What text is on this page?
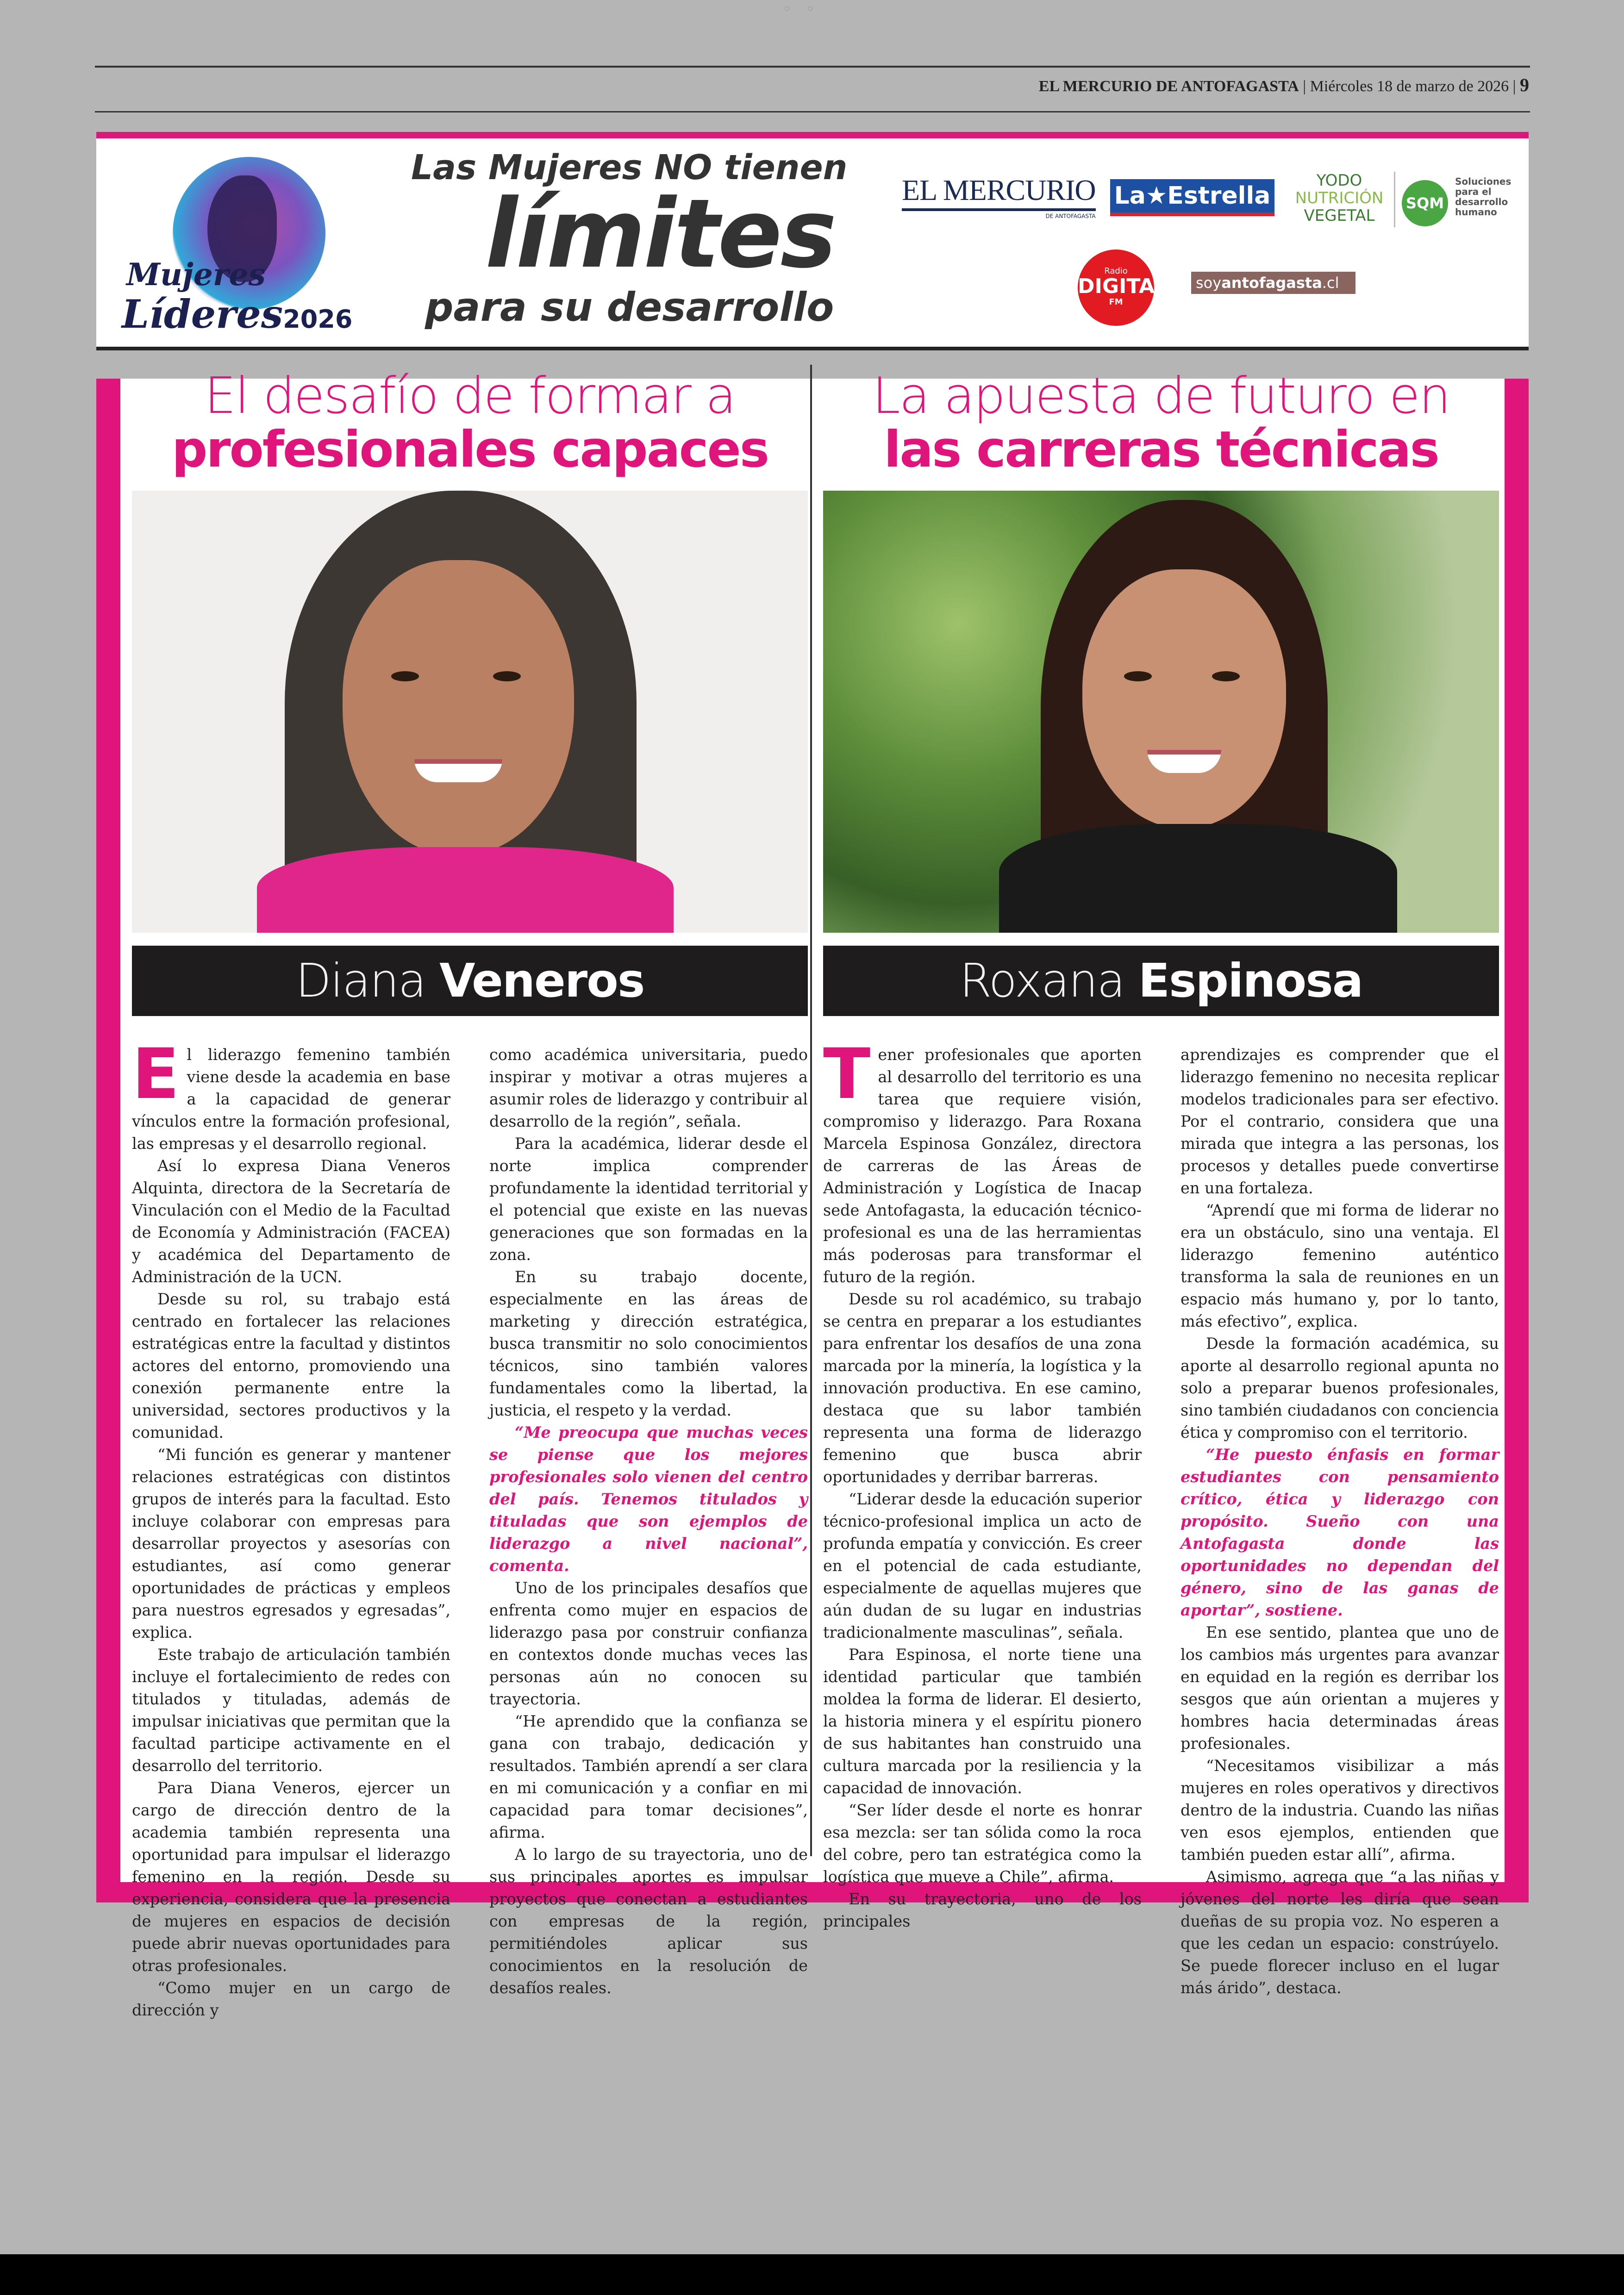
◦◦
EL MERCURIO DE ANTOFAGASTA | Miércoles 18 de marzo de 2026 | 9
Mujeres
Líderes2026
Las Mujeres NO tienen
límites
para su desarrollo
EL MERCURIO
DE ANTOFAGASTA
La★Estrella
YODO
NUTRICIÓN
VEGETAL
SQM
Soluciones para el desarrollo humano
Radio
DIGITAL
FM
soyantofagasta.cl
El desafío de formar a
profesionales capaces
Diana Veneros

El liderazgo femenino también viene desde la academia en base a la capacidad de generar vínculos entre la formación profesional, las empresas y el desarrollo regional.

Así lo expresa Diana Veneros Alquinta, directora de la Secretaría de Vinculación con el Medio de la Facultad de Economía y Administración (FACEA) y académica del Departamento de Administración de la UCN.

Desde su rol, su trabajo está centrado en fortalecer las relaciones estratégicas entre la facultad y distintos actores del entorno, promoviendo una conexión permanente entre la universidad, sectores productivos y la comunidad.

“Mi función es generar y mantener relaciones estratégicas con distintos grupos de interés para la facultad. Esto incluye colaborar con empresas para desarrollar proyectos y asesorías con estudiantes, así como generar oportunidades de prácticas y empleos para nuestros egresados y egresadas”, explica.

Este trabajo de articulación también incluye el fortalecimiento de redes con titulados y tituladas, además de impulsar iniciativas que permitan que la facultad participe activamente en el desarrollo del territorio.

Para Diana Veneros, ejercer un cargo de dirección dentro de la academia también representa una oportunidad para impulsar el liderazgo femenino en la región. Desde su experiencia, considera que la presencia de mujeres en espacios de decisión puede abrir nuevas oportunidades para otras profesionales.

“Como mujer en un cargo de dirección y

como académica universitaria, puedo inspirar y motivar a otras mujeres a asumir roles de liderazgo y contribuir al desarrollo de la región”, señala.

Para la académica, liderar desde el norte implica comprender profundamente la identidad territorial y el potencial que existe en las nuevas generaciones que son formadas en la zona.

En su trabajo docente, especialmente en las áreas de marketing y dirección estratégica, busca transmitir no solo conocimientos técnicos, sino también valores fundamentales como la libertad, la justicia, el respeto y la verdad.

“Me preocupa que muchas veces se piense que los mejores profesionales solo vienen del centro del país. Tenemos titulados y tituladas que son ejemplos de liderazgo a nivel nacional”, comenta.

Uno de los principales desafíos que enfrenta como mujer en espacios de liderazgo pasa por construir confianza en contextos donde muchas veces las personas aún no conocen su trayectoria.

“He aprendido que la confianza se gana con trabajo, dedicación y resultados. También aprendí a ser clara en mi comunicación y a confiar en mi capacidad para tomar decisiones”, afirma.

A lo largo de su trayectoria, uno de sus principales aportes es impulsar proyectos que conectan a estudiantes con empresas de la región, permitiéndoles aplicar sus conocimientos en la resolución de desafíos reales.

La apuesta de futuro en
las carreras técnicas
Roxana Espinosa

Tener profesionales que aporten al desarrollo del territorio es una tarea que requiere visión, compromiso y liderazgo. Para Roxana Marcela Espinosa González, directora de carreras de las Áreas de Administración y Logística de Inacap sede Antofagasta, la educación técnico-profesional es una de las herramientas más poderosas para transformar el futuro de la región.

Desde su rol académico, su trabajo se centra en preparar a los estudiantes para enfrentar los desafíos de una zona marcada por la minería, la logística y la innovación productiva. En ese camino, destaca que su labor también representa una forma de liderazgo femenino que busca abrir oportunidades y derribar barreras.

“Liderar desde la educación superior técnico-profesional implica un acto de profunda empatía y convicción. Es creer en el potencial de cada estudiante, especialmente de aquellas mujeres que aún dudan de su lugar en industrias tradicionalmente masculinas”, señala.

Para Espinosa, el norte tiene una identidad particular que también moldea la forma de liderar. El desierto, la historia minera y el espíritu pionero de sus habitantes han construido una cultura marcada por la resiliencia y la capacidad de innovación.

“Ser líder desde el norte es honrar esa mezcla: ser tan sólida como la roca del cobre, pero tan estratégica como la logística que mueve a Chile”, afirma.

En su trayectoria, uno de los principales

aprendizajes es comprender que el liderazgo femenino no necesita replicar modelos tradicionales para ser efectivo. Por el contrario, considera que una mirada que integra a las personas, los procesos y detalles puede convertirse en una fortaleza.

“Aprendí que mi forma de liderar no era un obstáculo, sino una ventaja. El liderazgo femenino auténtico transforma la sala de reuniones en un espacio más humano y, por lo tanto, más efectivo”, explica.

Desde la formación académica, su aporte al desarrollo regional apunta no solo a preparar buenos profesionales, sino también ciudadanos con conciencia ética y compromiso con el territorio.

“He puesto énfasis en formar estudiantes con pensamiento crítico, ética y liderazgo con propósito. Sueño con una Antofagasta donde las oportunidades no dependan del género, sino de las ganas de aportar”, sostiene.

En ese sentido, plantea que uno de los cambios más urgentes para avanzar en equidad en la región es derribar los sesgos que aún orientan a mujeres y hombres hacia determinadas áreas profesionales.

“Necesitamos visibilizar a más mujeres en roles operativos y directivos dentro de la industria. Cuando las niñas ven esos ejemplos, entienden que también pueden estar allí”, afirma.

Asimismo, agrega que “a las niñas y jóvenes del norte les diría que sean dueñas de su propia voz. No esperen a que les cedan un espacio: constrúyelo. Se puede florecer incluso en el lugar más árido”, destaca.
